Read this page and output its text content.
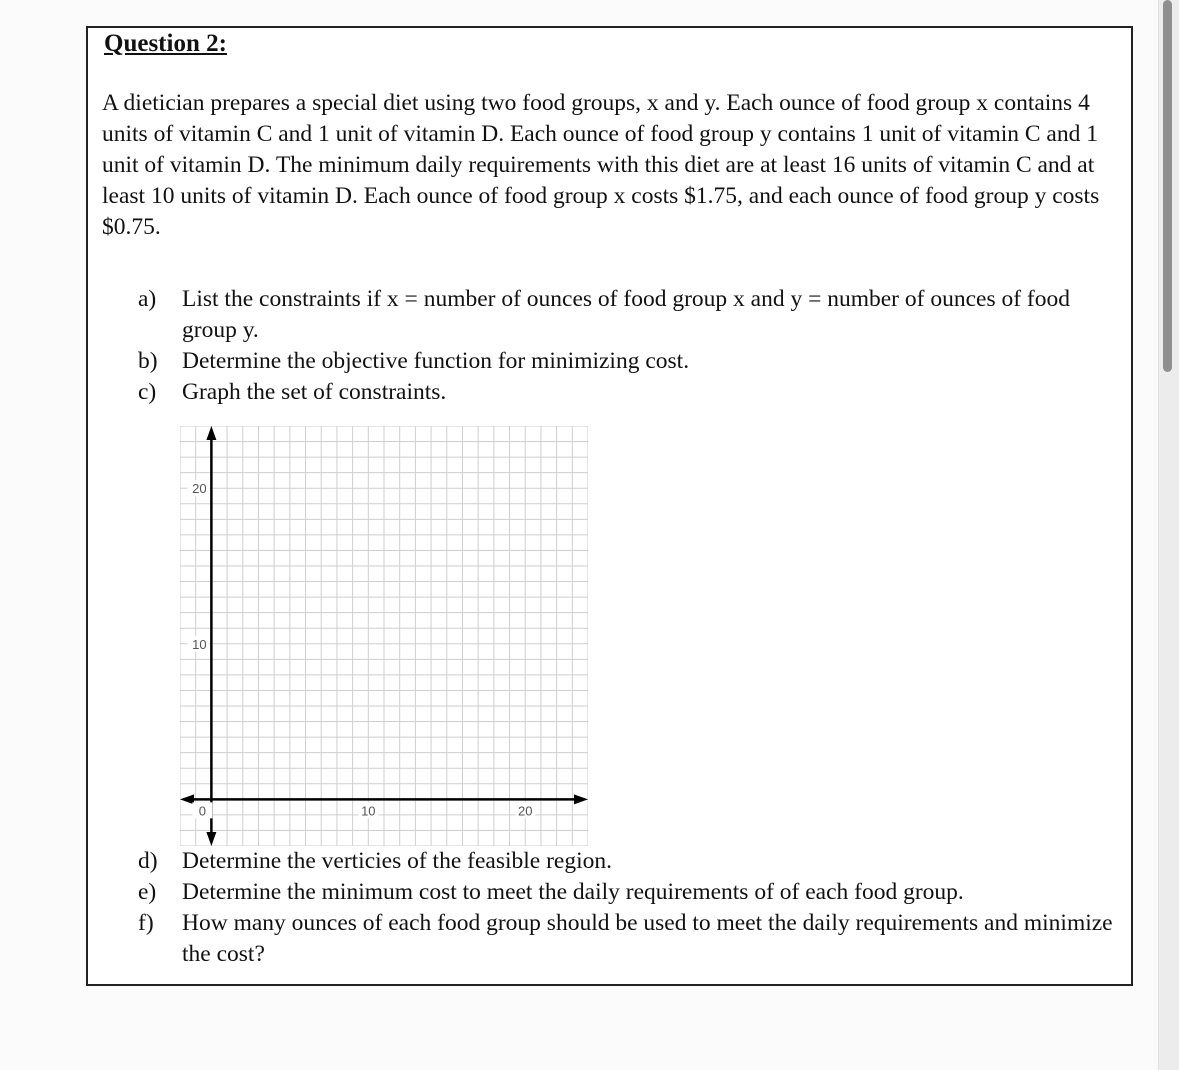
Question 2:

A dietician prepares a special diet using two food groups, x and y. Each ounce of food group x contains 4 units of vitamin C and 1 unit of vitamin D. Each ounce of food group y contains 1 unit of vitamin C and 1 unit of vitamin D. The minimum daily requirements with this diet are at least 16 units of vitamin C and at least 10 units of vitamin D. Each ounce of food group x costs $1.75, and each ounce of food group y costs $0.75.

a) List the constraints if x = number of ounces of food group x and y = number of ounces of food group y.
b) Determine the objective function for minimizing cost.
c) Graph the set of constraints.
0	10	20
10
20
d) Determine the verticies of the feasible region.
e) Determine the minimum cost to meet the daily requirements of of each food group.
f) How many ounces of each food group should be used to meet the daily requirements and minimize the cost?
